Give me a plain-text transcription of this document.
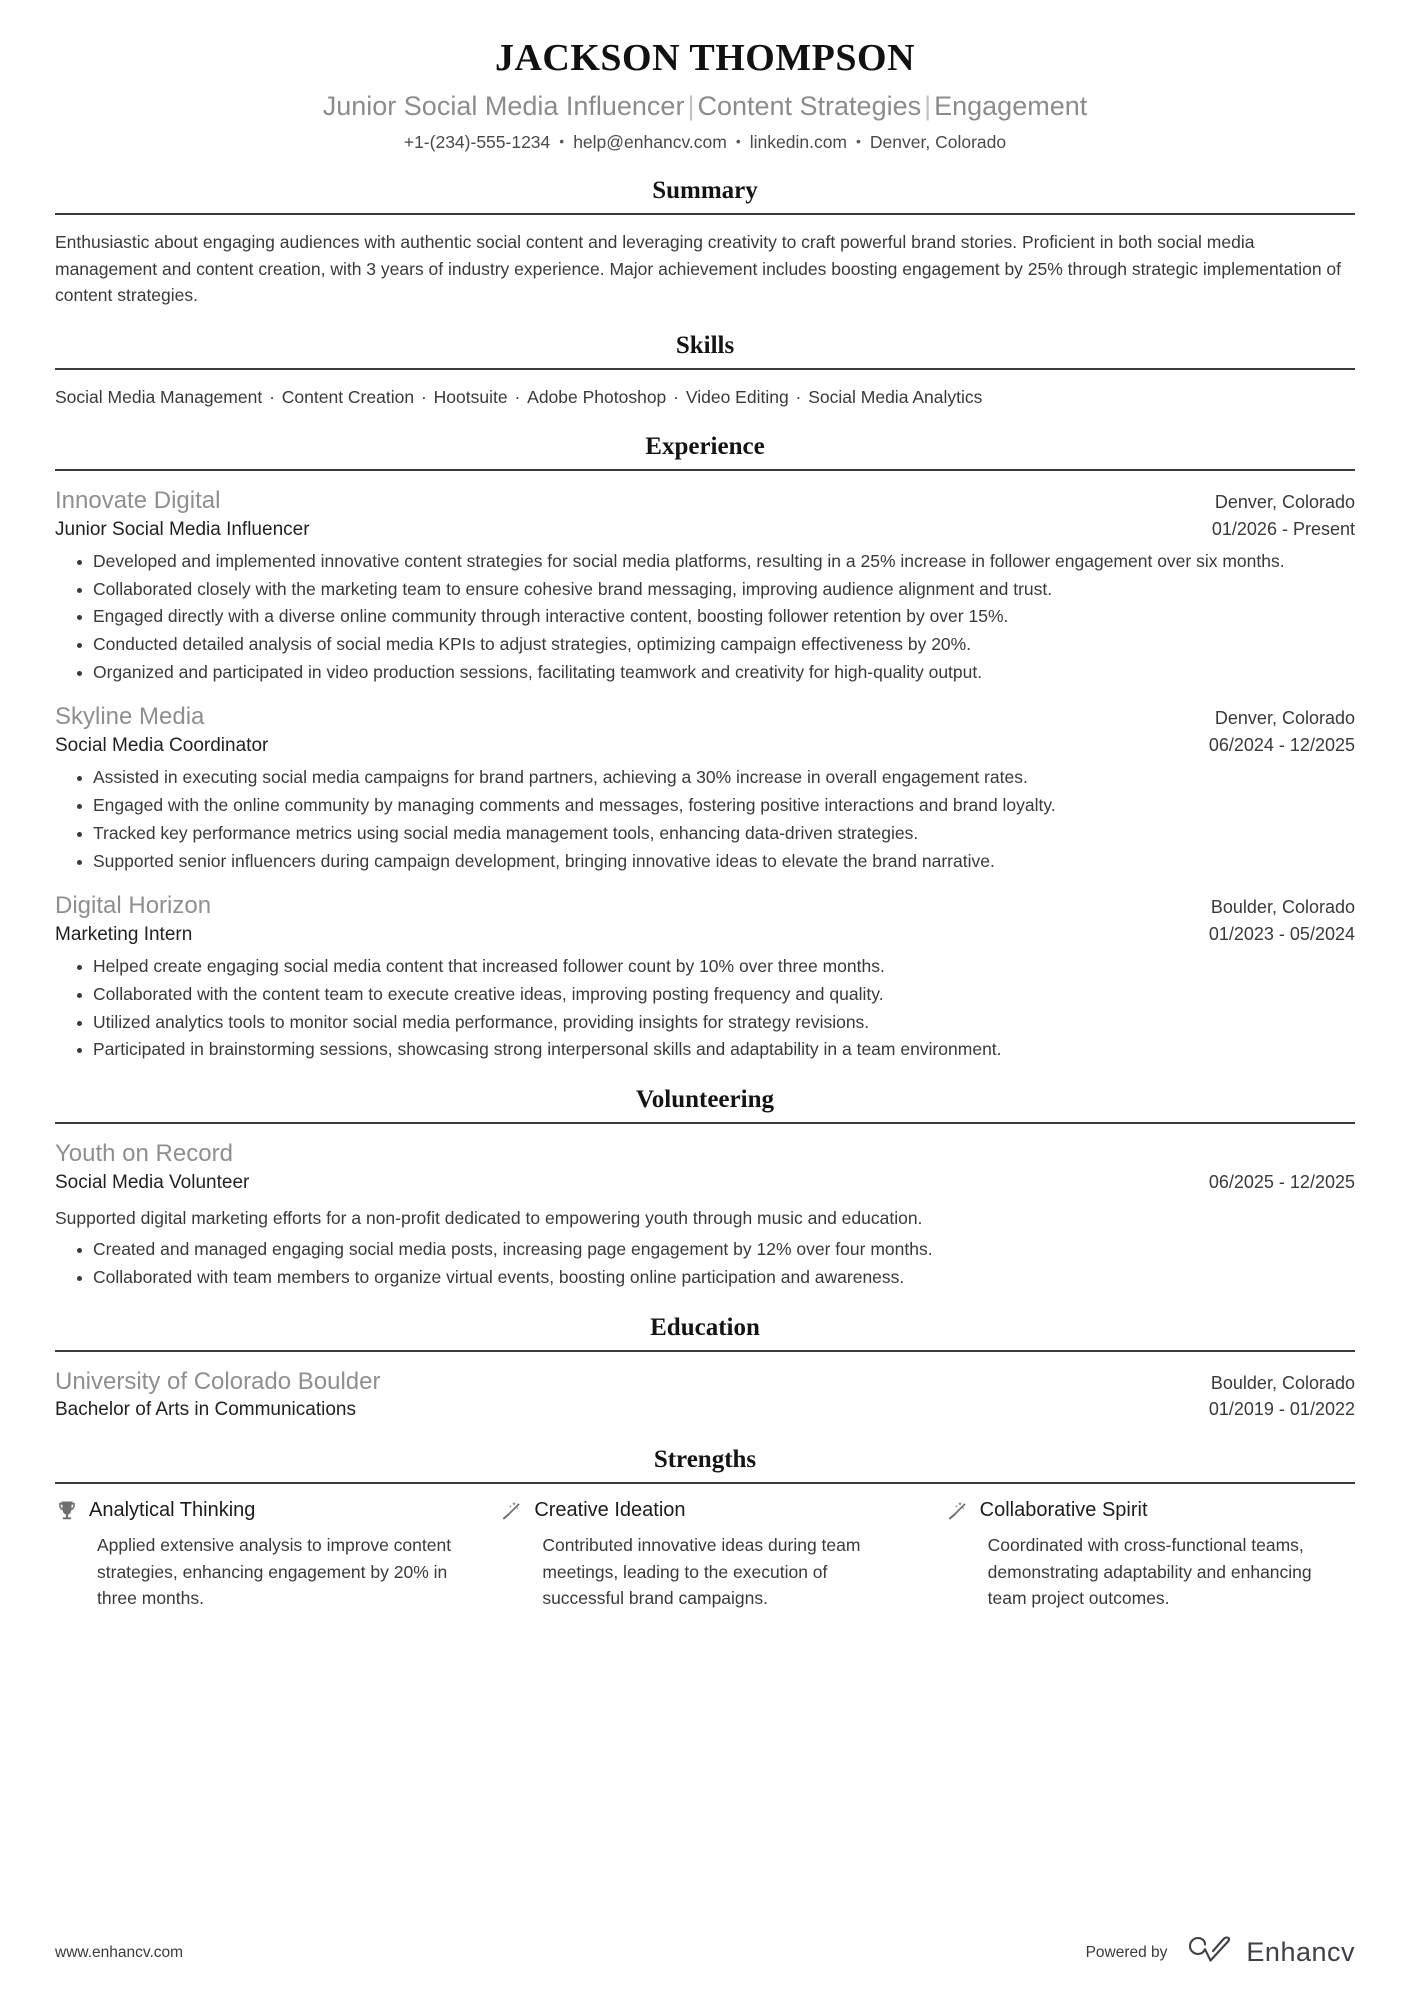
JACKSON THOMPSON
Junior Social Media Influencer | Content Strategies | Engagement
+1-(234)-555-1234 • help@enhancv.com • linkedin.com • Denver, Colorado
Summary

Enthusiastic about engaging audiences with authentic social content and leveraging creativity to craft powerful brand stories. Proficient in both social media management and content creation, with 3 years of industry experience. Major achievement includes boosting engagement by 25% through strategic implementation of content strategies.

Skills
Social Media Management · Content Creation · Hootsuite · Adobe Photoshop · Video Editing · Social Media Analytics
Experience
Innovate Digital	Denver, Colorado
Junior Social Media Influencer	01/2026 - Present
Developed and implemented innovative content strategies for social media platforms, resulting in a 25% increase in follower engagement over six months.
Collaborated closely with the marketing team to ensure cohesive brand messaging, improving audience alignment and trust.
Engaged directly with a diverse online community through interactive content, boosting follower retention by over 15%.
Conducted detailed analysis of social media KPIs to adjust strategies, optimizing campaign effectiveness by 20%.
Organized and participated in video production sessions, facilitating teamwork and creativity for high-quality output.
Skyline Media	Denver, Colorado
Social Media Coordinator	06/2024 - 12/2025
Assisted in executing social media campaigns for brand partners, achieving a 30% increase in overall engagement rates.
Engaged with the online community by managing comments and messages, fostering positive interactions and brand loyalty.
Tracked key performance metrics using social media management tools, enhancing data-driven strategies.
Supported senior influencers during campaign development, bringing innovative ideas to elevate the brand narrative.
Digital Horizon	Boulder, Colorado
Marketing Intern	01/2023 - 05/2024
Helped create engaging social media content that increased follower count by 10% over three months.
Collaborated with the content team to execute creative ideas, improving posting frequency and quality.
Utilized analytics tools to monitor social media performance, providing insights for strategy revisions.
Participated in brainstorming sessions, showcasing strong interpersonal skills and adaptability in a team environment.
Volunteering
Youth on Record
Social Media Volunteer	06/2025 - 12/2025

Supported digital marketing efforts for a non-profit dedicated to empowering youth through music and education.

Created and managed engaging social media posts, increasing page engagement by 12% over four months.
Collaborated with team members to organize virtual events, boosting online participation and awareness.
Education
University of Colorado Boulder	Boulder, Colorado
Bachelor of Arts in Communications	01/2019 - 01/2022
Strengths
Analytical Thinking
Applied extensive analysis to improve content strategies, enhancing engagement by 20% in three months.
Creative Ideation
Contributed innovative ideas during team meetings, leading to the execution of successful brand campaigns.
Collaborative Spirit
Coordinated with cross-functional teams, demonstrating adaptability and enhancing team project outcomes.
www.enhancv.com	Powered by	Enhancv
